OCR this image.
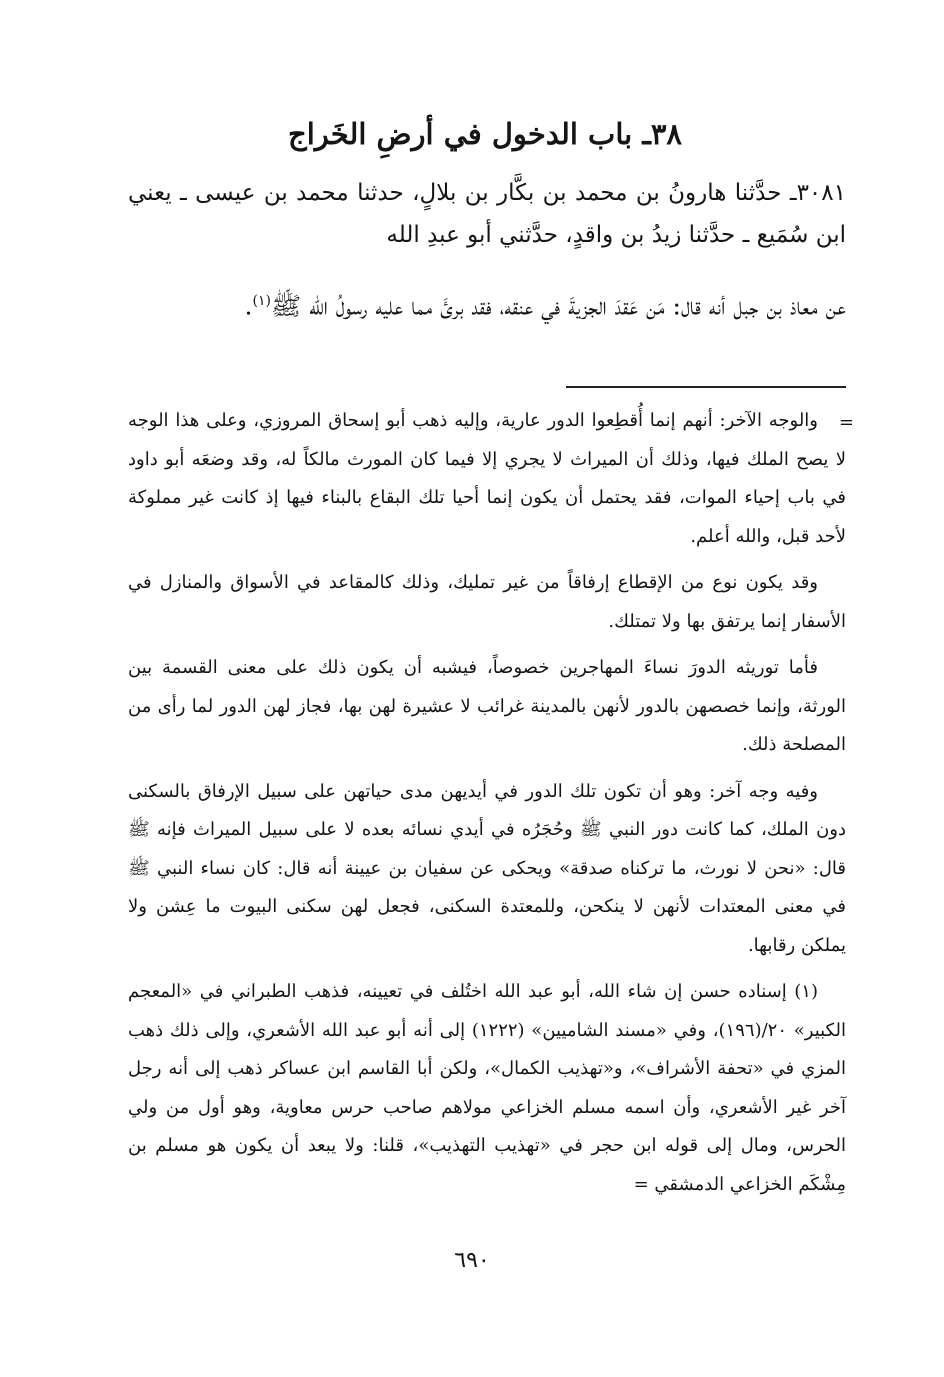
٣٨ـ باب الدخول في أرضِ الخَراج

٣٠٨١ـ حدَّثنا هارونُ بن محمد بن بكَّار بن بلالٍ، حدثنا محمد بن عيسى ـ يعني ابن سُمَيع ـ حدَّثنا زيدُ بن واقدٍ، حدَّثني أبو عبدِ الله

عن معاذ بن جبل أنه قال: مَن عَقدَ الجزيةَ في عنقه، فقد برئَ مما عليه رسولُ الله ﷺ$^{(١)}$.

=

والوجه الآخر: أنهم إنما أُقطِعوا الدور عارية، وإليه ذهب أبو إسحاق المروزي، وعلى هذا الوجه لا يصح الملك فيها، وذلك أن الميراث لا يجري إلا فيما كان المورث مالكاً له، وقد وضعَه أبو داود في باب إحياء الموات، فقد يحتمل أن يكون إنما أحيا تلك البقاع بالبناء فيها إذ كانت غير مملوكة لأحد قبل، والله أعلم.

وقد يكون نوع من الإقطاع إرفاقاً من غير تمليك، وذلك كالمقاعد في الأسواق والمنازل في الأسفار إنما يرتفق بها ولا تمتلك.

فأما توريثه الدورَ نساءَ المهاجرين خصوصاً، فيشبه أن يكون ذلك على معنى القسمة بين الورثة، وإنما خصصهن بالدور لأنهن بالمدينة غرائب لا عشيرة لهن بها، فجاز لهن الدور لما رأى من المصلحة ذلك.

وفيه وجه آخر: وهو أن تكون تلك الدور في أيديهن مدى حياتهن على سبيل الإرفاق بالسكنى دون الملك، كما كانت دور النبي ﷺ وحُجَرُه في أيدي نسائه بعده لا على سبيل الميراث فإنه ﷺ قال: «نحن لا نورث، ما تركناه صدقة» ويحكى عن سفيان بن عيينة أنه قال: كان نساء النبي ﷺ في معنى المعتدات لأنهن لا ينكحن، وللمعتدة السكنى، فجعل لهن سكنى البيوت ما عِشن ولا يملكن رقابها.

(١) إسناده حسن إن شاء الله، أبو عبد الله اختُلف في تعيينه، فذهب الطبراني في «المعجم الكبير» ٢٠/(١٩٦)، وفي «مسند الشاميين» (١٢٢٢) إلى أنه أبو عبد الله الأشعري، وإلى ذلك ذهب المزي في «تحفة الأشراف»، و«تهذيب الكمال»، ولكن أبا القاسم ابن عساكر ذهب إلى أنه رجل آخر غير الأشعري، وأن اسمه مسلم الخزاعي مولاهم صاحب حرس معاوية، وهو أول من ولي الحرس، ومال إلى قوله ابن حجر في «تهذيب التهذيب»، قلنا: ولا يبعد أن يكون هو مسلم بن مِشْكَم الخزاعي الدمشقي =

٦٩٠
